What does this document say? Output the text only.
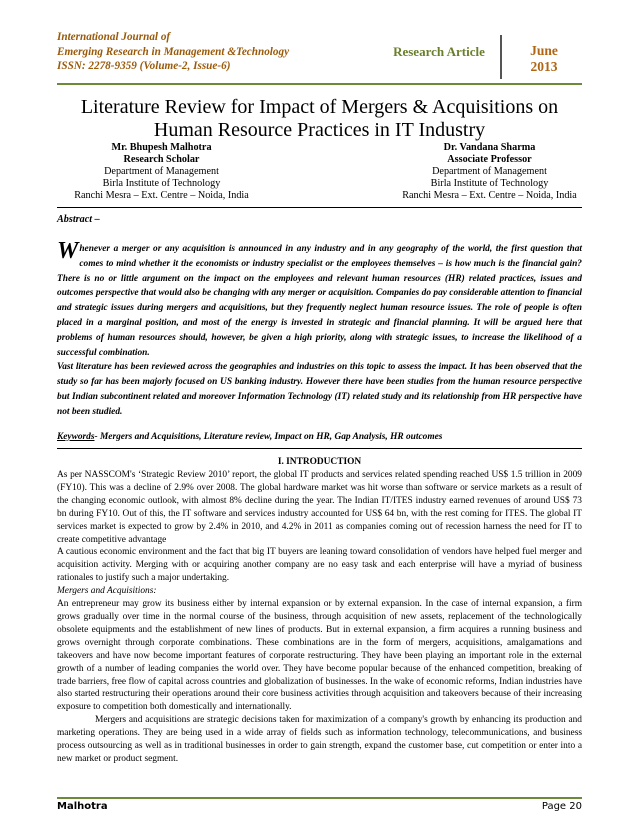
International Journal of
Emerging Research in Management &Technology
ISSN: 2278-9359 (Volume-2, Issue-6)
Research Article	June
2013
Literature Review for Impact of Mergers & Acquisitions on Human Resource Practices in IT Industry
Mr. Bhupesh Malhotra
Research Scholar
Department of Management
Birla Institute of Technology
Ranchi Mesra – Ext. Centre – Noida, India
Dr. Vandana Sharma
Associate Professor
Department of Management
Birla Institute of Technology
Ranchi Mesra – Ext. Centre – Noida, India
Abstract –

Whenever a merger or any acquisition is announced in any industry and in any geography of the world, the first question that comes to mind whether it the economists or industry specialist or the employees themselves – is how much is the financial gain? There is no or little argument on the impact on the employees and relevant human resources (HR) related practices, issues and outcomes perspective that would also be changing with any merger or acquisition. Companies do pay considerable attention to financial and strategic issues during mergers and acquisitions, but they frequently neglect human resource issues. The role of people is often placed in a marginal position, and most of the energy is invested in strategic and financial planning. It will be argued here that problems of human resources should, however, be given a high priority, along with strategic issues, to increase the likelihood of a successful combination.

Vast literature has been reviewed across the geographies and industries on this topic to assess the impact. It has been observed that the study so far has been majorly focused on US banking industry. However there have been studies from the human resource perspective but Indian subcontinent related and moreover Information Technology (IT) related study and its relationship from HR perspective have not been studied.

Keywords- Mergers and Acquisitions, Literature review, Impact on HR, Gap Analysis, HR outcomes
I. INTRODUCTION

As per NASSCOM's ‘Strategic Review 2010’ report, the global IT products and services related spending reached US$ 1.5 trillion in 2009 (FY10). This was a decline of 2.9% over 2008. The global hardware market was hit worse than software or service markets as a result of the changing economic outlook, with almost 8% decline during the year. The Indian IT/ITES industry earned revenues of around US$ 73 bn during FY10. Out of this, the IT software and services industry accounted for US$ 64 bn, with the rest coming for ITES. The global IT services market is expected to grow by 2.4% in 2010, and 4.2% in 2011 as companies coming out of recession harness the need for IT to create competitive advantage

A cautious economic environment and the fact that big IT buyers are leaning toward consolidation of vendors have helped fuel merger and acquisition activity. Merging with or acquiring another company are no easy task and each enterprise will have a myriad of business rationales to justify such a major undertaking.

Mergers and Acquisitions:

An entrepreneur may grow its business either by internal expansion or by external expansion. In the case of internal expansion, a firm grows gradually over time in the normal course of the business, through acquisition of new assets, replacement of the technologically obsolete equipments and the establishment of new lines of products. But in external expansion, a firm acquires a running business and grows overnight through corporate combinations. These combinations are in the form of mergers, acquisitions, amalgamations and takeovers and have now become important features of corporate restructuring. They have been playing an important role in the external growth of a number of leading companies the world over. They have become popular because of the enhanced competition, breaking of trade barriers, free flow of capital across countries and globalization of businesses. In the wake of economic reforms, Indian industries have also started restructuring their operations around their core business activities through acquisition and takeovers because of their increasing exposure to competition both domestically and internationally.

Mergers and acquisitions are strategic decisions taken for maximization of a company's growth by enhancing its production and marketing operations. They are being used in a wide array of fields such as information technology, telecommunications, and business process outsourcing as well as in traditional businesses in order to gain strength, expand the customer base, cut competition or enter into a new market or product segment.

Malhotra	Page 20
